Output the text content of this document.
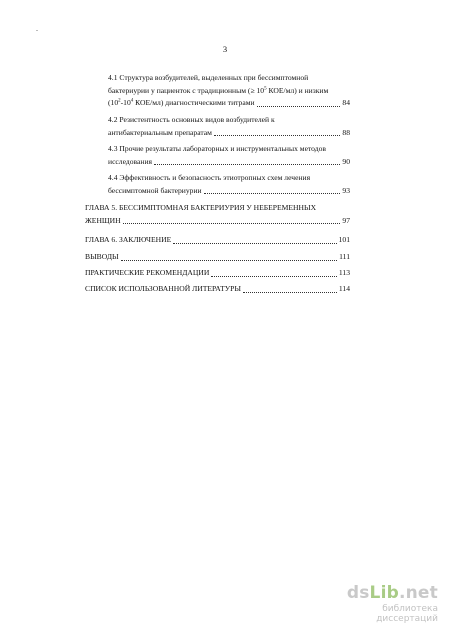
3
4.1 Структура возбудителей, выделенных при бессимптомной
бактериурии у пациенток с традиционным (≥ $10^5$ КОЕ/мл) и низким
($10^2-10^4$ КОЕ/мл) диагностическими титрами	84
4.2 Резистентность основных видов возбудителей к
антибактериальным препаратам	88
4.3 Прочие результаты лабораторных и инструментальных методов
исследования	90
4.4 Эффективность и безопасность этиотропных схем лечения
бессимптомной бактериурии	93
ГЛАВА 5. БЕССИМПТОМНАЯ БАКТЕРИУРИЯ У НЕБЕРЕМЕННЫХ
ЖЕНЩИН	97
ГЛАВА 6. ЗАКЛЮЧЕНИЕ	101
ВЫВОДЫ	111
ПРАКТИЧЕСКИЕ РЕКОМЕНДАЦИИ	113
СПИСОК ИСПОЛЬЗОВАННОЙ ЛИТЕРАТУРЫ	114
dsLib.net
библиотека диссертаций
